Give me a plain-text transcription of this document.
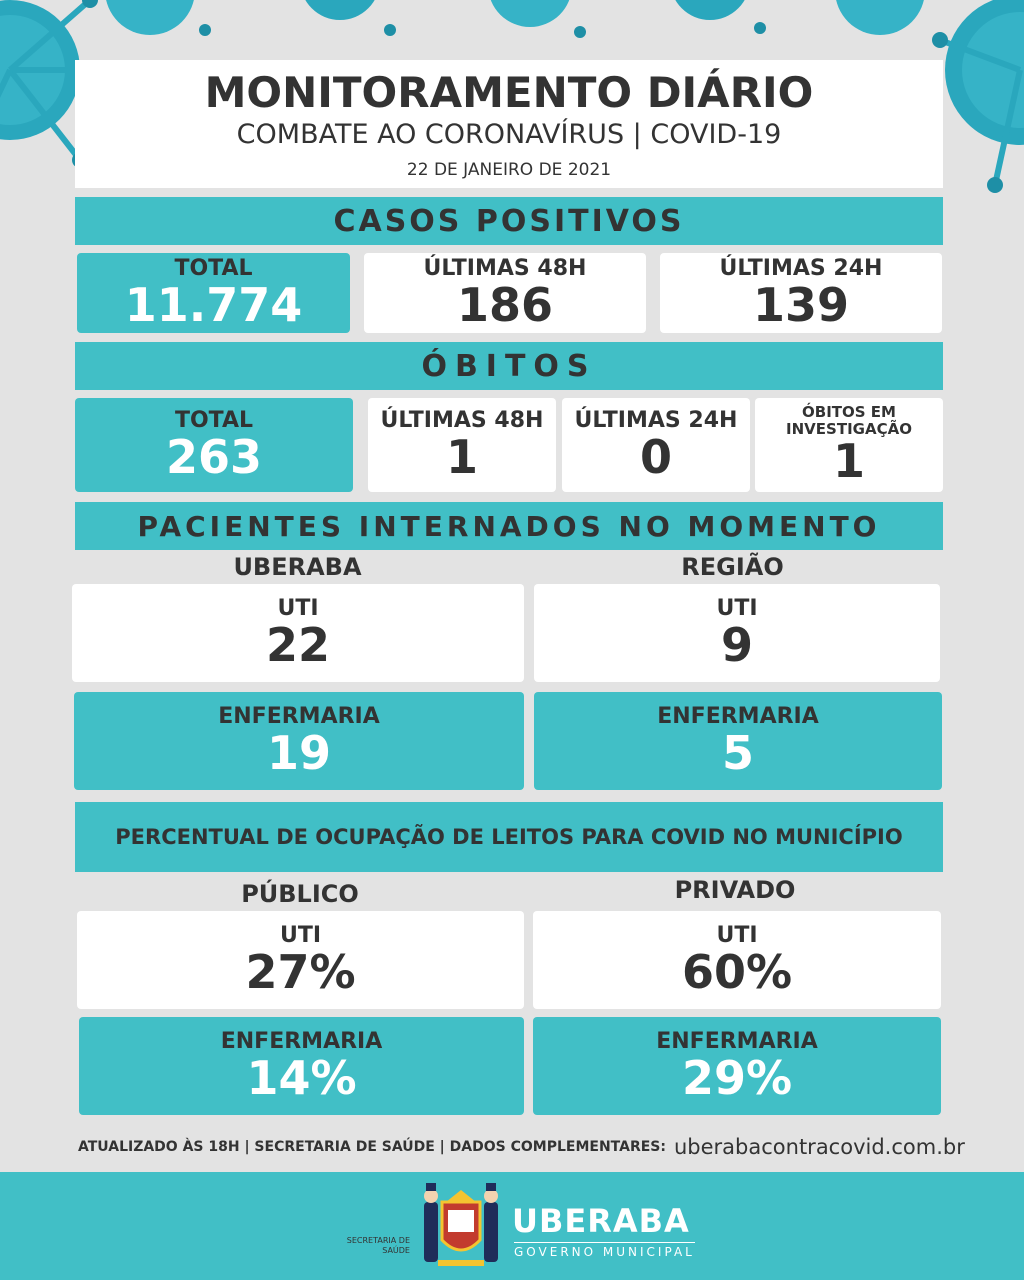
MONITORAMENTO DIÁRIO
COMBATE AO CORONAVÍRUS | COVID-19
22 DE JANEIRO DE 2021
CASOS POSITIVOS
TOTAL
11.774
ÚLTIMAS 48H
186
ÚLTIMAS 24H
139
ÓBITOS
TOTAL
263
ÚLTIMAS 48H
1
ÚLTIMAS 24H
0
ÓBITOS EM
INVESTIGAÇÃO
1
PACIENTES INTERNADOS NO MOMENTO
UBERABA	REGIÃO
UTI
22
UTI
9
ENFERMARIA
19
ENFERMARIA
5
PERCENTUAL DE OCUPAÇÃO DE LEITOS PARA COVID NO MUNICÍPIO
PÚBLICO	PRIVADO
UTI
27%
UTI
60%
ENFERMARIA
14%
ENFERMARIA
29%
ATUALIZADO ÀS 18H | SECRETARIA DE SAÚDE | DADOS COMPLEMENTARES: uberabacontracovid.com.br
SECRETARIA DE
SAÚDE
UBERABA
GOVERNO MUNICIPAL
